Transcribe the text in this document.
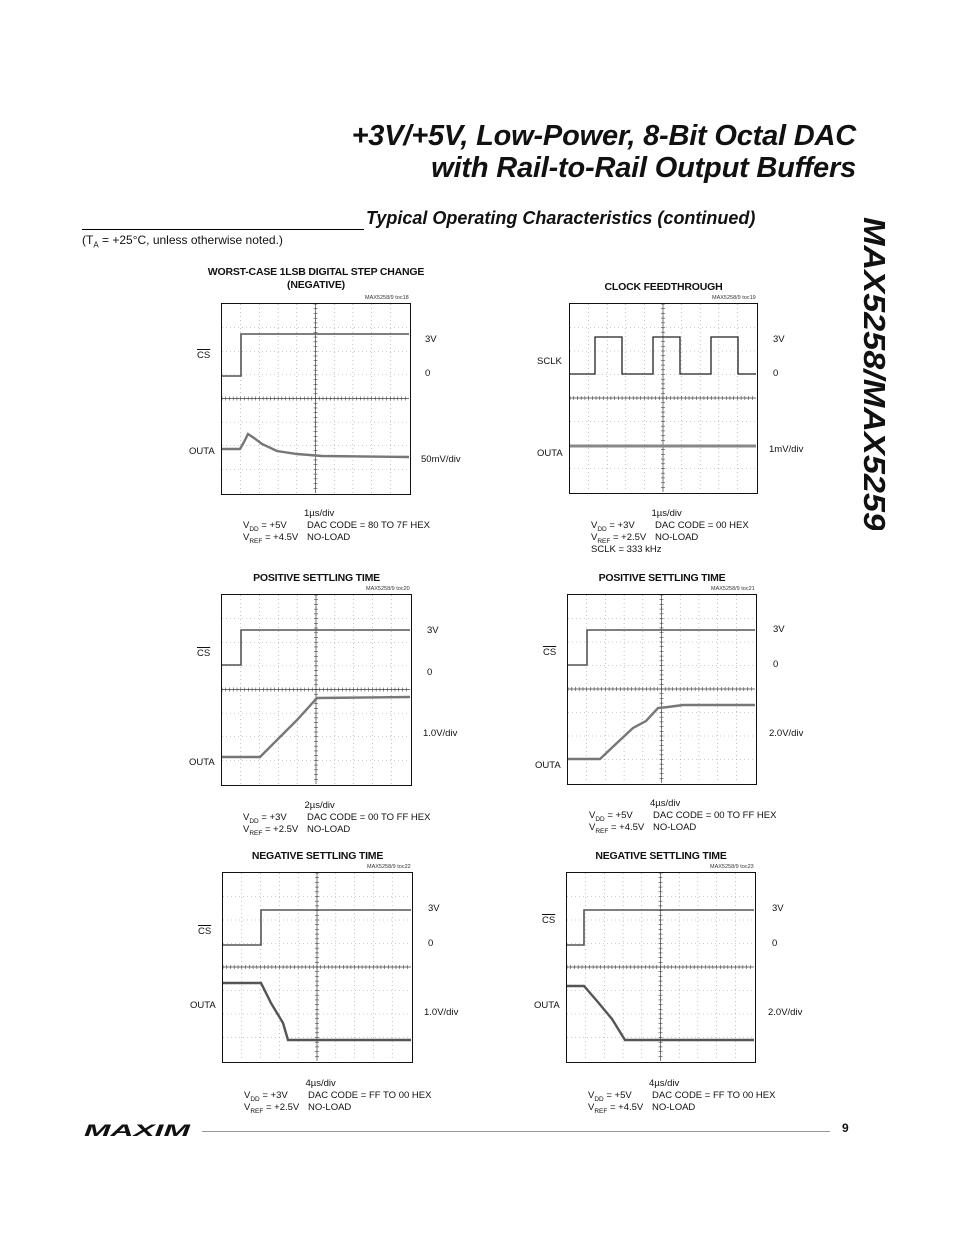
+3V/+5V, Low-Power, 8-Bit Octal DAC
with Rail-to-Rail Output Buffers
Typical Operating Characteristics (continued)
($T_A = +25^\circ C$, unless otherwise noted.)	MAX5258/MAX5259
WORST-CASE 1LSB DIGITAL STEP CHANGE
(NEGATIVE)
MAX5258/9 toc18
$\overline{CS}$
OUTA
3V
0
50mV/div
1µs/div
$V_{DD} = +5V$ DAC CODE = 80 TO 7F HEX
$V_{REF} = +4.5V$ NO-LOAD
CLOCK FEEDTHROUGH
MAX5258/9 toc19
SCLK
OUTA
3V
0
1mV/div
1µs/div
$V_{DD} = +3V$ DAC CODE = 00 HEX
$V_{REF} = +2.5V$ NO-LOAD
SCLK = 333 kHz
POSITIVE SETTLING TIME
MAX5258/9 toc20
$\overline{CS}$
OUTA
3V
0
1.0V/div
2µs/div
$V_{DD} = +3V$ DAC CODE = 00 TO FF HEX
$V_{REF} = +2.5V$ NO-LOAD
POSITIVE SETTLING TIME
MAX5258/9 toc21
$\overline{CS}$
OUTA
3V
0
2.0V/div
4µs/div
$V_{DD} = +5V$ DAC CODE = 00 TO FF HEX
$V_{REF} = +4.5V$ NO-LOAD
NEGATIVE SETTLING TIME
MAX5258/9 toc22
$\overline{CS}$
OUTA
3V
0
1.0V/div
4µs/div
$V_{DD} = +3V$ DAC CODE = FF TO 00 HEX
$V_{REF} = +2.5V$ NO-LOAD
NEGATIVE SETTLING TIME
MAX5258/9 toc23
$\overline{CS}$
OUTA
3V
0
2.0V/div
4µs/div
$V_{DD} = +5V$ DAC CODE = FF TO 00 HEX
$V_{REF} = +4.5V$ NO-LOAD
MAXIM	9
